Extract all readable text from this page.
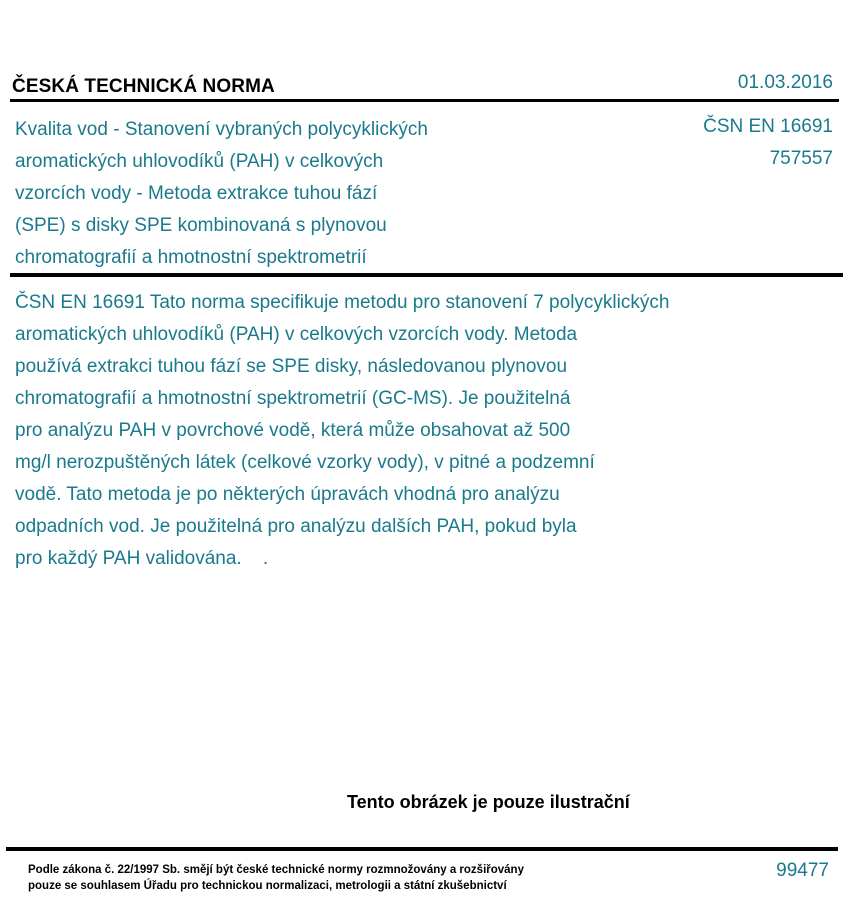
ČESKÁ TECHNICKÁ NORMA	01.03.2016
Kvalita vod - Stanovení vybraných polycyklických
aromatických uhlovodíků (PAH) v celkových
vzorcích vody - Metoda extrakce tuhou fází
(SPE) s disky SPE kombinovaná s plynovou
chromatografií a hmotnostní spektrometrií
ČSN EN 16691
757557
ČSN EN 16691 Tato norma specifikuje metodu pro stanovení 7 polycyklických
aromatických uhlovodíků (PAH) v celkových vzorcích vody. Metoda
používá extrakci tuhou fází se SPE disky, následovanou plynovou
chromatografií a hmotnostní spektrometrií (GC-MS). Je použitelná
pro analýzu PAH v povrchové vodě, která může obsahovat až 500
mg/l nerozpuštěných látek (celkové vzorky vody), v pitné a podzemní
vodě. Tato metoda je po některých úpravách vhodná pro analýzu
odpadních vod. Je použitelná pro analýzu dalších PAH, pokud byla
pro každý PAH validována.    .
Tento obrázek je pouze ilustrační
Podle zákona č. 22/1997 Sb. smějí být české technické normy rozmnožovány a rozšiřovány
pouze se souhlasem Úřadu pro technickou normalizaci, metrologii a státní zkušebnictví
99477
